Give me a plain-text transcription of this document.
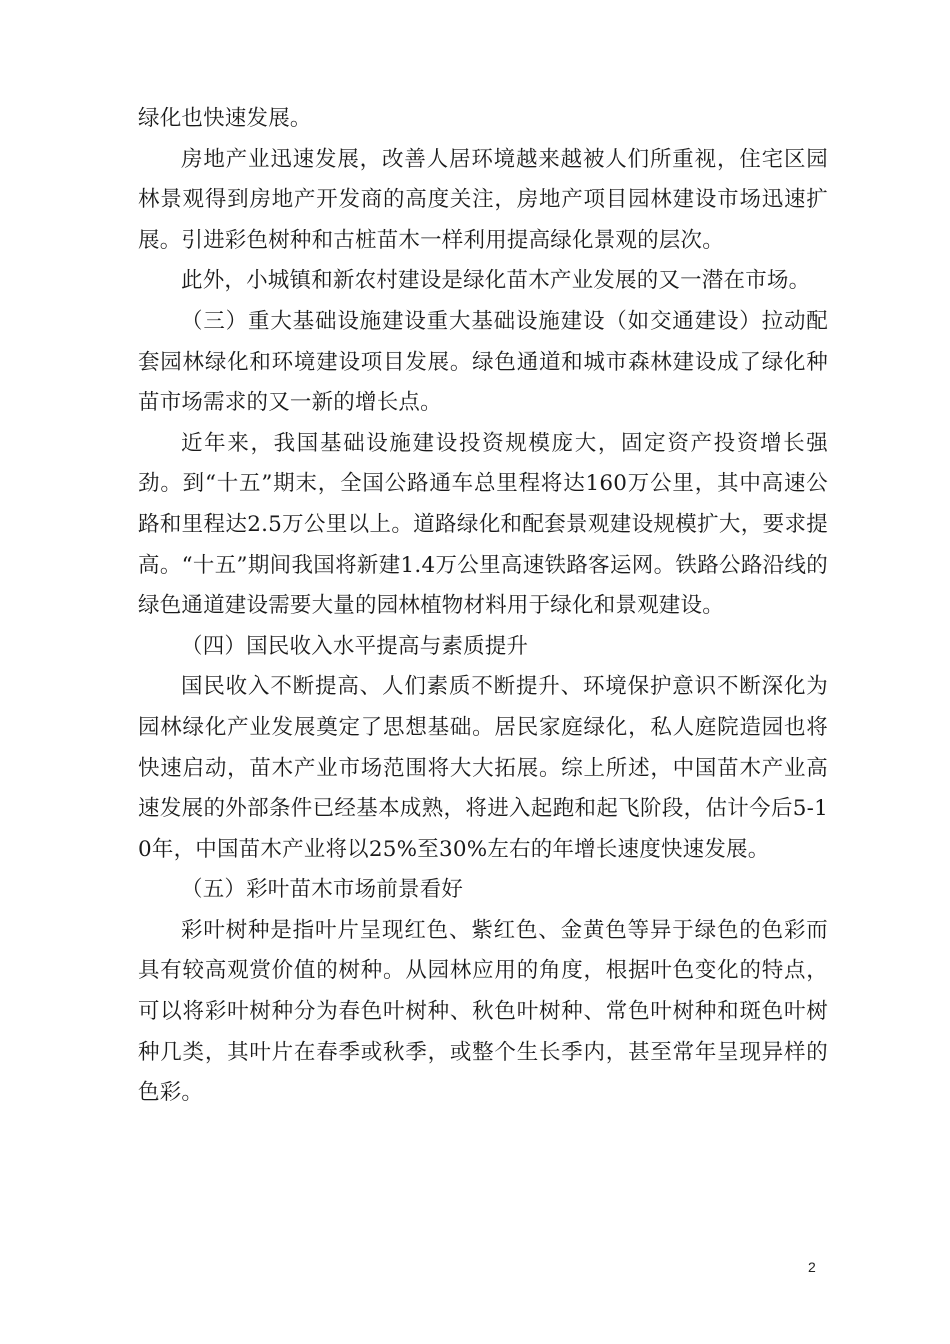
绿化也快速发展。

房地产业迅速发展，改善人居环境越来越被人们所重视，住宅区园林景观得到房地产开发商的高度关注，房地产项目园林建设市场迅速扩展。引进彩色树种和古桩苗木一样利用提高绿化景观的层次。

此外，小城镇和新农村建设是绿化苗木产业发展的又一潜在市场。

（三）重大基础设施建设重大基础设施建设（如交通建设）拉动配套园林绿化和环境建设项目发展。绿色通道和城市森林建设成了绿化种苗市场需求的又一新的增长点。

近年来，我国基础设施建设投资规模庞大，固定资产投资增长强劲。到“十五”期末，全国公路通车总里程将达160万公里，其中高速公路和里程达2.5万公里以上。道路绿化和配套景观建设规模扩大，要求提高。“十五”期间我国将新建1.4万公里高速铁路客运网。铁路公路沿线的绿色通道建设需要大量的园林植物材料用于绿化和景观建设。

（四）国民收入水平提高与素质提升

国民收入不断提高、人们素质不断提升、环境保护意识不断深化为园林绿化产业发展奠定了思想基础。居民家庭绿化，私人庭院造园也将快速启动，苗木产业市场范围将大大拓展。综上所述，中国苗木产业高速发展的外部条件已经基本成熟，将进入起跑和起飞阶段，估计今后5-10年，中国苗木产业将以25%至30%左右的年增长速度快速发展。

（五）彩叶苗木市场前景看好

彩叶树种是指叶片呈现红色、紫红色、金黄色等异于绿色的色彩而具有较高观赏价值的树种。从园林应用的角度，根据叶色变化的特点，可以将彩叶树种分为春色叶树种、秋色叶树种、常色叶树种和斑色叶树种几类，其叶片在春季或秋季，或整个生长季内，甚至常年呈现异样的色彩。

2
